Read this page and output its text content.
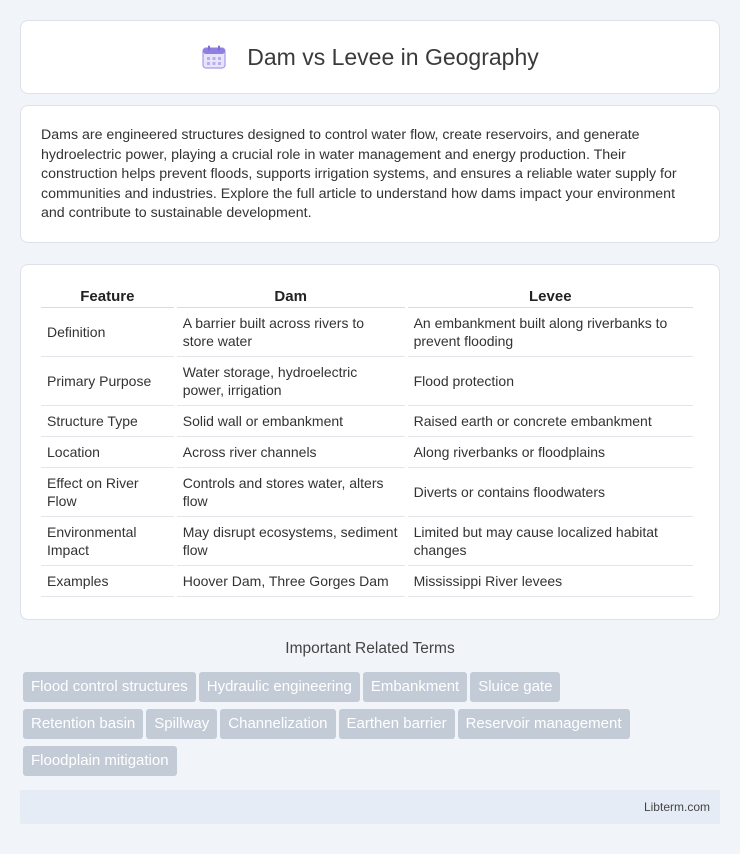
Dam vs Levee in Geography

Dams are engineered structures designed to control water flow, create reservoirs, and generate hydroelectric power, playing a crucial role in water management and energy production. Their construction helps prevent floods, supports irrigation systems, and ensures a reliable water supply for communities and industries. Explore the full article to understand how dams impact your environment and contribute to sustainable development.

Feature	Dam	Levee
Definition	A barrier built across rivers to store water	An embankment built along riverbanks to prevent flooding
Primary Purpose	Water storage, hydroelectric power, irrigation	Flood protection
Structure Type	Solid wall or embankment	Raised earth or concrete embankment
Location	Across river channels	Along riverbanks or floodplains
Effect on River Flow	Controls and stores water, alters flow	Diverts or contains floodwaters
Environmental Impact	May disrupt ecosystems, sediment flow	Limited but may cause localized habitat changes
Examples	Hoover Dam, Three Gorges Dam	Mississippi River levees
Important Related Terms
Flood control structures Hydraulic engineering Embankment Sluice gate
Retention basin Spillway Channelization Earthen barrier Reservoir management
Floodplain mitigation
Libterm.com
